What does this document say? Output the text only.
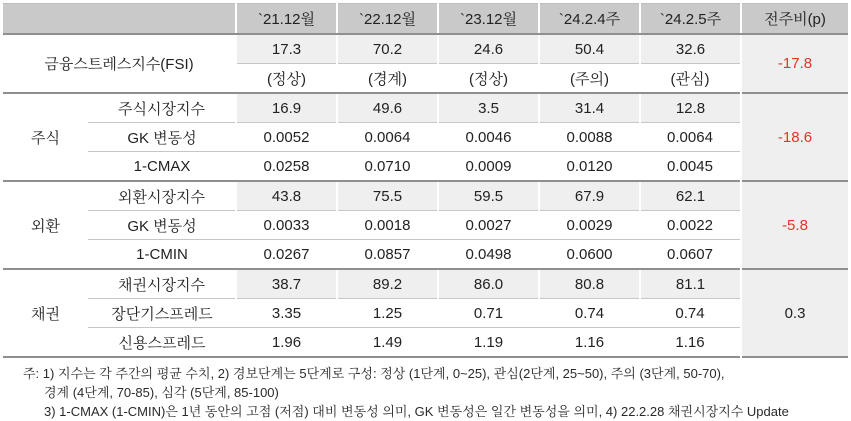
		`21.12월	`22.12월	`23.12월	`24.2.4주	`24.2.5주	전주비(p)
금융스트레스지수(FSI)		17.3	70.2	24.6	50.4	32.6	-17.8
		(정상)	(경계)	(정상)	(주의)	(관심)	
주식	주식시장지수	16.9	49.6	3.5	31.4	12.8	-18.6
	GK 변동성	0.0052	0.0064	0.0046	0.0088	0.0064	
	1-CMAX	0.0258	0.0710	0.0009	0.0120	0.0045	
외환	외환시장지수	43.8	75.5	59.5	67.9	62.1	-5.8
	GK 변동성	0.0033	0.0018	0.0027	0.0029	0.0022	
	1-CMIN	0.0267	0.0857	0.0498	0.0600	0.0607	
채권	채권시장지수	38.7	89.2	86.0	80.8	81.1	0.3
	장단기스프레드	3.35	1.25	0.71	0.74	0.74	
	신용스프레드	1.96	1.49	1.19	1.16	1.16	
주: 1) 지수는 각 주간의 평균 수치, 2) 경보단계는 5단계로 구성: 정상 (1단계, 0~25), 관심(2단계, 25~50), 주의 (3단계, 50-70),
경계 (4단계, 70-85), 심각 (5단계, 85-100)
3) 1-CMAX (1-CMIN)은 1년 동안의 고점 (저점) 대비 변동성 의미, GK 변동성은 일간 변동성을 의미, 4) 22.2.28 채권시장지수 Update
